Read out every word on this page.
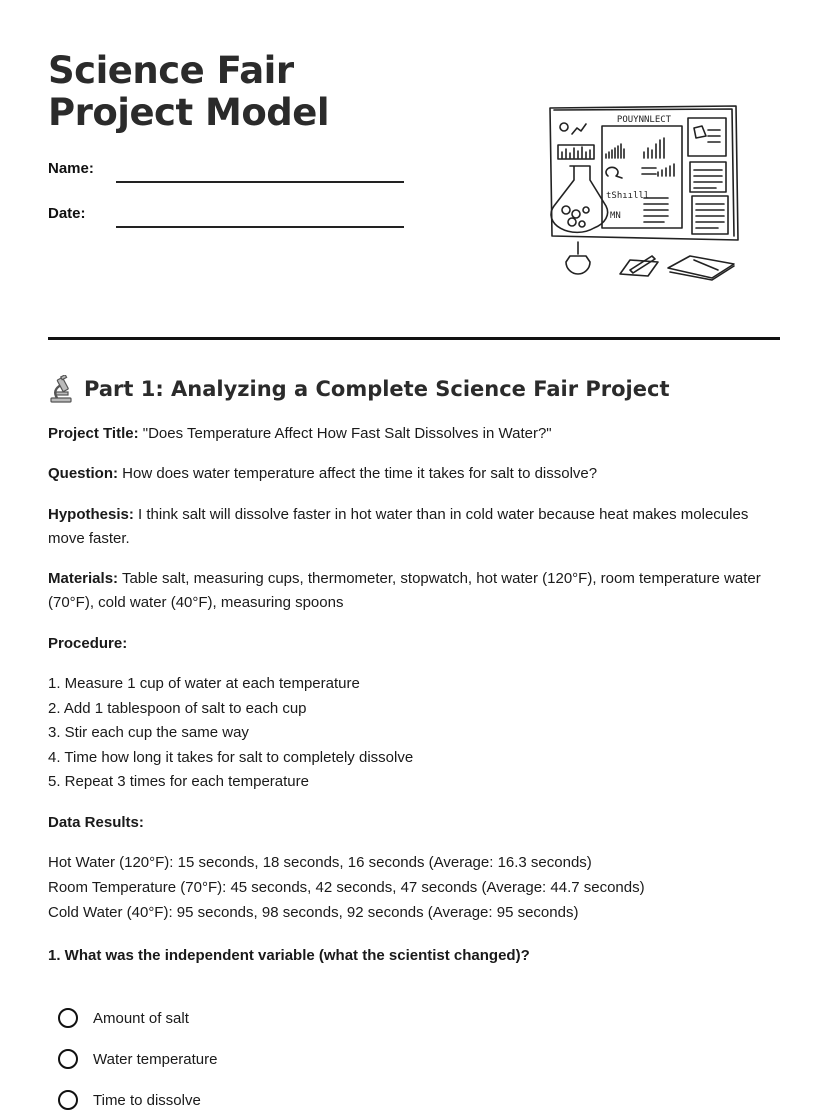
Science Fair Project Model
Name:
Date:
POUYNNLECT
tShıılll
MN
Part 1: Analyzing a Complete Science Fair Project

Project Title: "Does Temperature Affect How Fast Salt Dissolves in Water?"

Question: How does water temperature affect the time it takes for salt to dissolve?

Hypothesis: I think salt will dissolve faster in hot water than in cold water because heat makes molecules move faster.

Materials: Table salt, measuring cups, thermometer, stopwatch, hot water (120°F), room temperature water (70°F), cold water (40°F), measuring spoons

Procedure:

1. Measure 1 cup of water at each temperature
2. Add 1 tablespoon of salt to each cup
3. Stir each cup the same way
4. Time how long it takes for salt to completely dissolve
5. Repeat 3 times for each temperature

Data Results:

Hot Water (120°F): 15 seconds, 18 seconds, 16 seconds (Average: 16.3 seconds)
Room Temperature (70°F): 45 seconds, 42 seconds, 47 seconds (Average: 44.7 seconds)
Cold Water (40°F): 95 seconds, 98 seconds, 92 seconds (Average: 95 seconds)

1. What was the independent variable (what the scientist changed)?

Amount of salt
Water temperature
Time to dissolve
